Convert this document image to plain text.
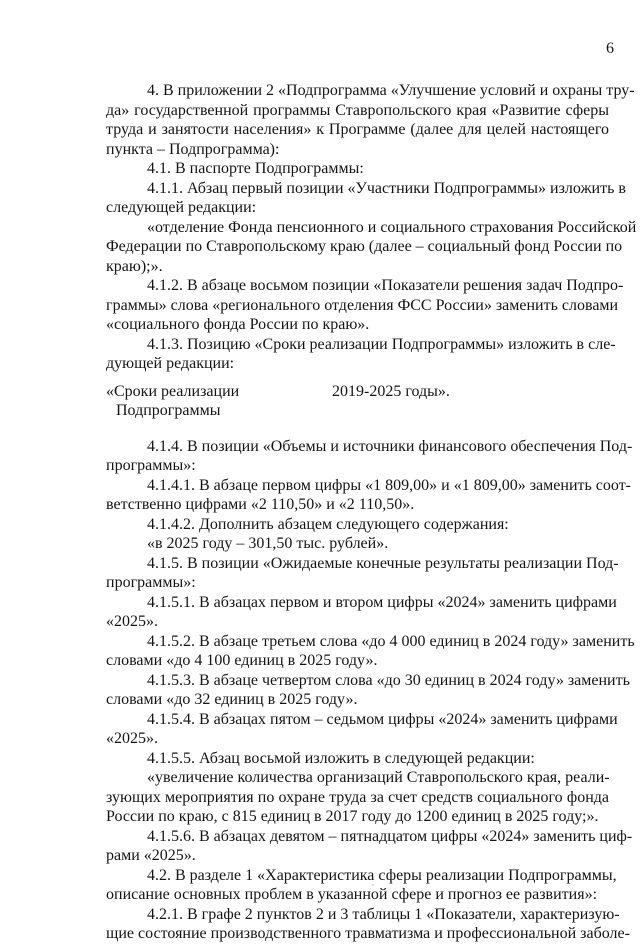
6
4. В приложении 2 «Подпрограмма «Улучшение условий и охраны тру-
да» государственной программы Ставропольского края «Развитие сферы
труда и занятости населения» к Программе (далее для целей настоящего
пункта – Подпрограмма):
4.1. В паспорте Подпрограммы:
4.1.1. Абзац первый позиции «Участники Подпрограммы» изложить в
следующей редакции:
«отделение Фонда пенсионного и социального страхования Российской
Федерации по Ставропольскому краю (далее – социальный фонд России по
краю);».
4.1.2. В абзаце восьмом позиции «Показатели решения задач Подпро-
граммы» слова «регионального отделения ФСС России» заменить словами
«социального фонда России по краю».
4.1.3. Позицию «Сроки реализации Подпрограммы» изложить в сле-
дующей редакции:
«Сроки реализации
Подпрограммы
2019-2025 годы».
4.1.4. В позиции «Объемы и источники финансового обеспечения Под-
программы»:
4.1.4.1. В абзаце первом цифры «1 809,00» и «1 809,00» заменить соот-
ветственно цифрами «2 110,50» и «2 110,50».
4.1.4.2. Дополнить абзацем следующего содержания:
«в 2025 году – 301,50 тыс. рублей».
4.1.5. В позиции «Ожидаемые конечные результаты реализации Под-
программы»:
4.1.5.1. В абзацах первом и втором цифры «2024» заменить цифрами
«2025».
4.1.5.2. В абзаце третьем слова «до 4 000 единиц в 2024 году» заменить
словами «до 4 100 единиц в 2025 году».
4.1.5.3. В абзаце четвертом слова «до 30 единиц в 2024 году» заменить
словами «до 32 единиц в 2025 году».
4.1.5.4. В абзацах пятом – седьмом цифры «2024» заменить цифрами
«2025».
4.1.5.5. Абзац восьмой изложить в следующей редакции:
«увеличение количества организаций Ставропольского края, реали-
зующих мероприятия по охране труда за счет средств социального фонда
России по краю, с 815 единиц в 2017 году до 1200 единиц в 2025 году;».
4.1.5.6. В абзацах девятом – пятнадцатом цифры «2024» заменить циф-
рами «2025».
4.2. В разделе 1 «Характеристика сферы реализации Подпрограммы,
описание основных проблем в указанной сфере и прогноз ее развития»:
4.2.1. В графе 2 пунктов 2 и 3 таблицы 1 «Показатели, характеризую-
щие состояние производственного травматизма и профессиональной заболе-
